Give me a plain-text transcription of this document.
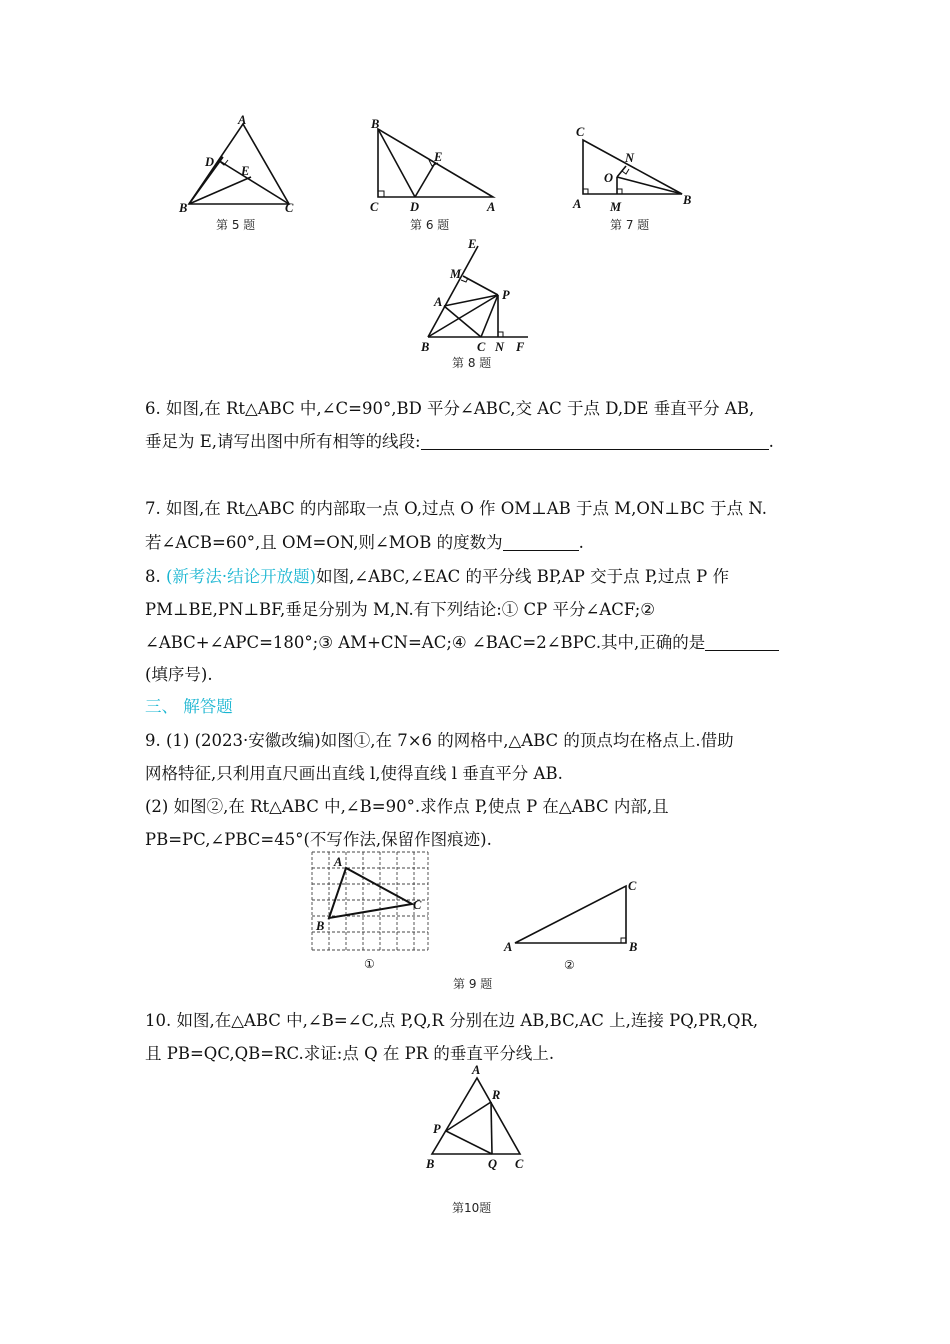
A
B	C
D
E
第 5 题
B
C	D
E
A
第 6 题
C
N
O
A M	B
第 7 题
E
M
A	P
B	C N F
第 8 题
6. 如图,在 Rt△ABC 中,∠C=90°,BD 平分∠ABC,交 AC 于点 D,DE 垂直平分 AB,
垂足为 E,请写出图中所有相等的线段:	.
7. 如图,在 Rt△ABC 的内部取一点 O,过点 O 作 OM⊥AB 于点 M,ON⊥BC 于点 N.
若∠ACB=60°,且 OM=ON,则∠MOB 的度数为	.
8. (新考法·结论开放题)如图,∠ABC,∠EAC 的平分线 BP,AP 交于点 P,过点 P 作
PM⊥BE,PN⊥BF,垂足分别为 M,N.有下列结论:① CP 平分∠ACF;②
∠ABC+∠APC=180°;③ AM+CN=AC;④ ∠BAC=2∠BPC.其中,正确的是
(填序号).
三、 解答题
9. (1) (2023·安徽改编)如图①,在 7×6 的网格中,△ABC 的顶点均在格点上.借助
网格特征,只利用直尺画出直线 l,使得直线 l 垂直平分 AB.
(2) 如图②,在 Rt△ABC 中,∠B=90°.求作点 P,使点 P 在△ABC 内部,且
PB=PC,∠PBC=45°(不写作法,保留作图痕迹).
A
C
B
①
C
A	B
②
第 9 题
10. 如图,在△ABC 中,∠B=∠C,点 P,Q,R 分别在边 AB,BC,AC 上,连接 PQ,PR,QR,
且 PB=QC,QB=RC.求证:点 Q 在 PR 的垂直平分线上.
A
R
P
B	Q C
第10题
